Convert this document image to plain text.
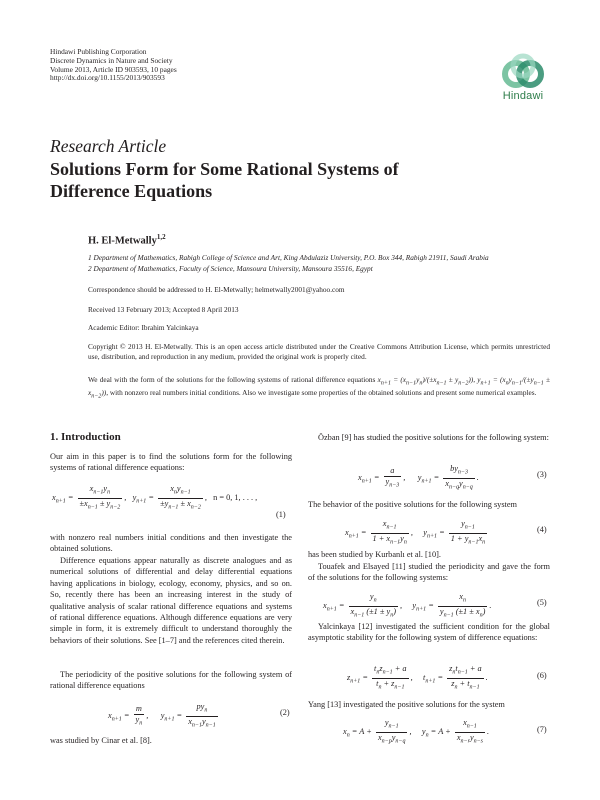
Hindawi Publishing Corporation
Discrete Dynamics in Nature and Society
Volume 2013, Article ID 903593, 10 pages
http://dx.doi.org/10.1155/2013/903593
Hindawi
Research Article
Solutions Form for Some Rational Systems of Difference Equations
H. El-Metwally$^{1,2}$
1 Department of Mathematics, Rabigh College of Science and Art, King Abdulaziz University, P.O. Box 344, Rabigh 21911, Saudi Arabia
2 Department of Mathematics, Faculty of Science, Mansoura University, Mansoura 35516, Egypt
Correspondence should be addressed to H. El-Metwally; helmetwally2001@yahoo.com
Received 13 February 2013; Accepted 8 April 2013
Academic Editor: Ibrahim Yalcinkaya
Copyright © 2013 H. El-Metwally. This is an open access article distributed under the Creative Commons Attribution License, which permits unrestricted use, distribution, and reproduction in any medium, provided the original work is properly cited.
We deal with the form of the solutions for the following systems of rational difference equations $x_{n+1} = (x_{n-1}y_n)/(\pm x_{n-1} \pm y_{n-2})$), $y_{n+1} = (x_ny_{n-1}/(\pm y_{n-1} \pm x_{n-2}))$, with nonzero real numbers initial conditions. Also we investigate some properties of the obtained solutions and present some numerical examples.
1. Introduction
Our aim in this paper is to find the solutions form for the following systems of rational difference equations:
$x_{n+1} = \frac{x_{n-1}y_n}{\pm x_{n-1} \pm y_{n-2}}$ ,   $y_{n+1} = \frac{x_ny_{n-1}}{\pm y_{n-1} \pm x_{n-2}}$ ,   n = 0, 1, . . . ,
(1)
with nonzero real numbers initial conditions and then investigate the obtained solutions.
Difference equations appear naturally as discrete analogues and as numerical solutions of differential and delay differential equations having applications in biology, ecology, economy, physics, and so on. So, recently there has been an increasing interest in the study of qualitative analysis of scalar rational difference equations and systems of rational difference equations. Although difference equations are very simple in form, it is extremely difficult to understand thoroughly the behaviors of their solutions. See [1–7] and the references cited therein.
The periodicity of the positive solutions for the following system of rational difference equations
$x_{n+1} = \frac{m}{y_n}$ ,      $y_{n+1} = \frac{py_n}{x_{n-1}y_{n-1}}$	(2)
was studied by Cinar et al. [8].
Özban [9] has studied the positive solutions for the following system:
$x_{n+1} = \frac{a}{y_{n-3}}$ ,      $y_{n+1} = \frac{by_{n-3}}{x_{n-q}y_{n-q}}$ .	(3)
The behavior of the positive solutions for the following system
$x_{n+1} = \frac{x_{n-1}}{1 + x_{n-1}y_n}$ ,     $y_{n+1} = \frac{y_{n-1}}{1 + y_{n-1}x_n}$	(4)
has been studied by Kurbanlı et al. [10].
Touafek and Elsayed [11] studied the periodicity and gave the form of the solutions for the following systems:
$x_{n+1} = \frac{y_n}{x_{n-1} (\pm 1 \pm y_n)}$ ,     $y_{n+1} = \frac{x_n}{y_{n-1} (\pm 1 \pm x_n)}$ .	(5)
Yalcinkaya [12] investigated the sufficient condition for the global asymptotic stability for the following system of difference equations:
$z_{n+1} = \frac{t_nz_{n-1} + a}{t_n + z_{n-1}}$ ,     $t_{n+1} = \frac{z_nt_{n-1} + a}{z_n + t_{n-1}}$ .	(6)
Yang [13] investigated the positive solutions for the system
$x_n = A + \frac{y_{n-1}}{x_{n-p}y_{n-q}}$ ,     $y_n = A + \frac{x_{n-1}}{x_{n-r}y_{n-s}}$ .	(7)
